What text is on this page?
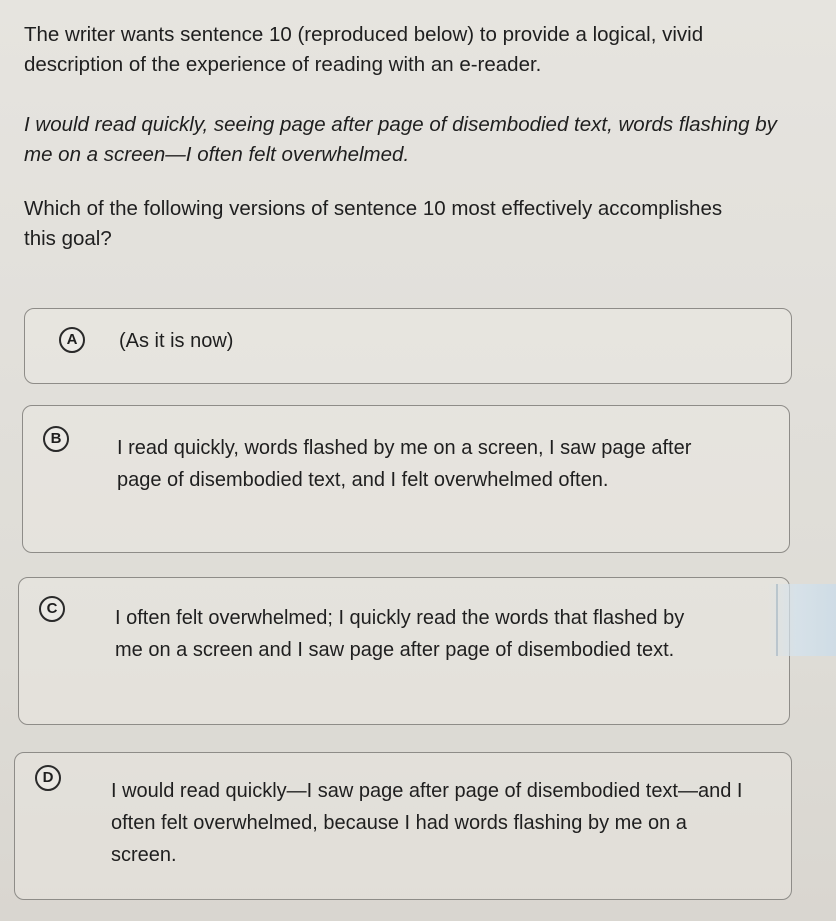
The writer wants sentence 10 (reproduced below) to provide a logical, vivid description of the experience of reading with an e-reader.

I would read quickly, seeing page after page of disembodied text, words flashing by me on a screen—I often felt overwhelmed.

Which of the following versions of sentence 10 most effectively accomplishes this goal?

A	(As it is now)

B	I read quickly, words flashed by me on a screen, I saw page after page of disembodied text, and I felt overwhelmed often.

C	I often felt overwhelmed; I quickly read the words that flashed by me on a screen and I saw page after page of disembodied text.

D

I would read quickly—I saw page after page of disembodied text—and I often felt overwhelmed, because I had words flashing by me on a screen.
